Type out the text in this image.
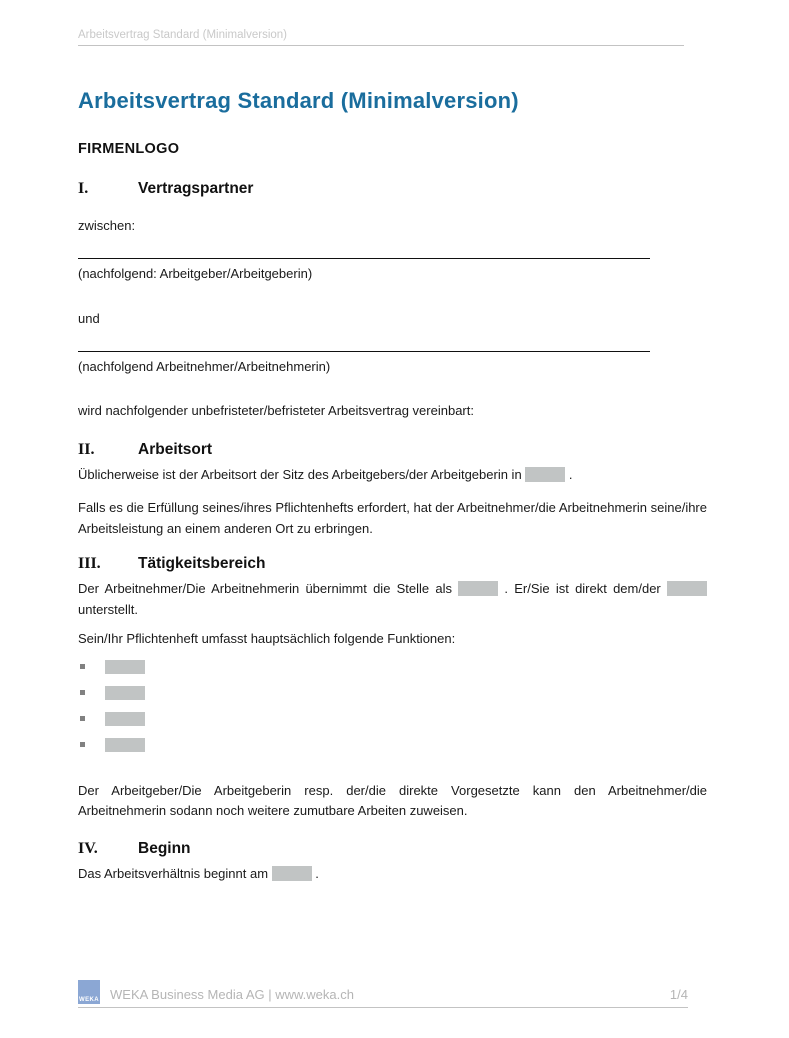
Arbeitsvertrag Standard (Minimalversion)
Arbeitsvertrag Standard (Minimalversion)
FIRMENLOGO
I.	Vertragspartner

zwischen:

(nachfolgend: Arbeitgeber/Arbeitgeberin)

und

(nachfolgend Arbeitnehmer/Arbeitnehmerin)

wird nachfolgender unbefristeter/befristeter Arbeitsvertrag vereinbart:

II.	Arbeitsort

Üblicherweise ist der Arbeitsort der Sitz des Arbeitgebers/der Arbeitgeberin in	.

Falls es die Erfüllung seines/ihres Pflichtenhefts erfordert, hat der Arbeitnehmer/die Arbeitnehmerin seine/ihre Arbeitsleistung an einem anderen Ort zu erbringen.

III.	Tätigkeitsbereich

Der Arbeitnehmer/Die Arbeitnehmerin übernimmt die Stelle als	. Er/Sie ist direkt dem/der  unterstellt.

Sein/Ihr Pflichtenheft umfasst hauptsächlich folgende Funktionen:

Der Arbeitgeber/Die Arbeitgeberin resp. der/die direkte Vorgesetzte kann den Arbeitnehmer/die Arbeitnehmerin sodann noch weitere zumutbare Arbeiten zuweisen.

IV.	Beginn

Das Arbeitsverhältnis beginnt am	.

WEKA WEKA Business Media AG | www.weka.ch	1/4
